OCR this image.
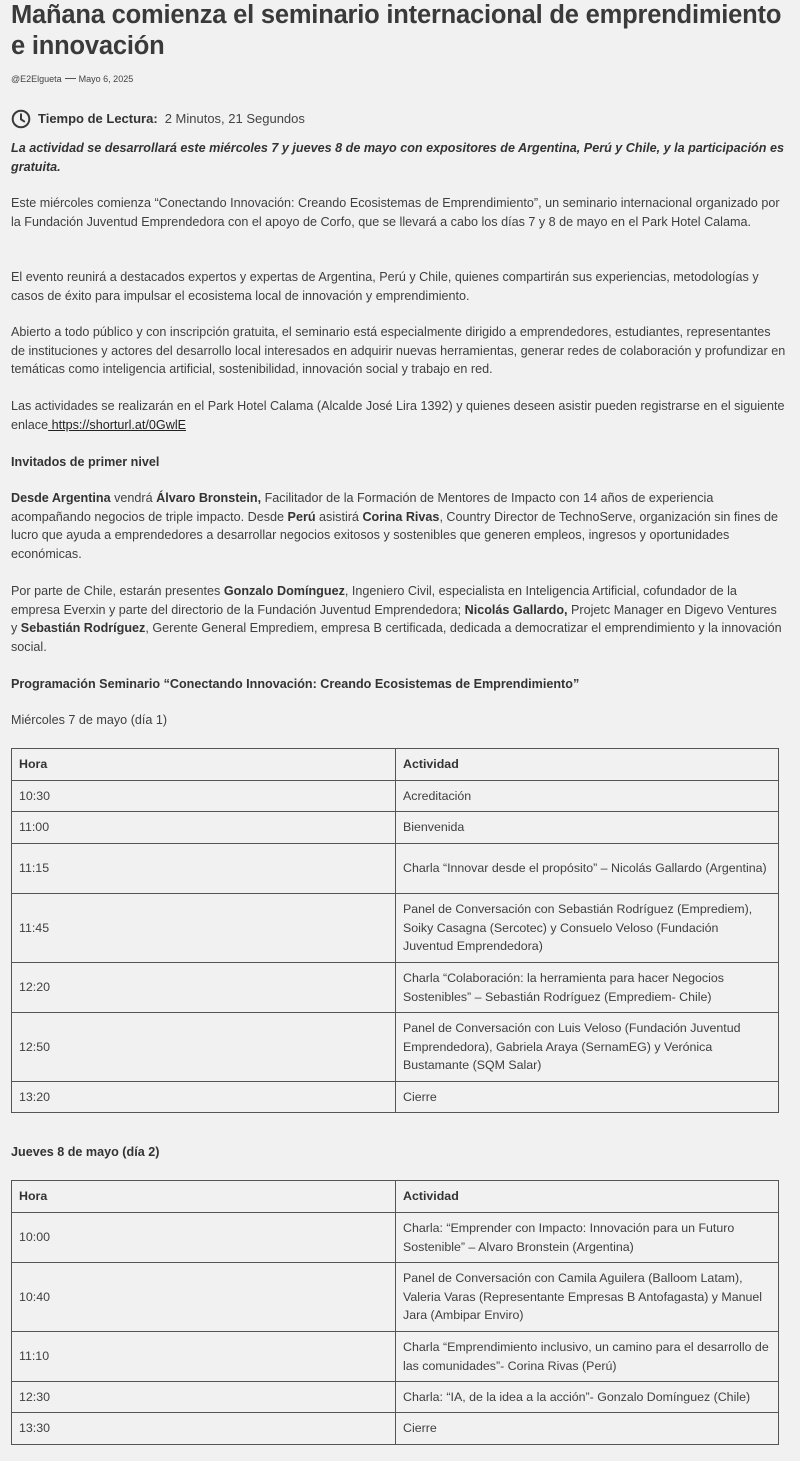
Mañana comienza el seminario internacional de emprendimiento e innovación
@E2Elgueta Mayo 6, 2025
Tiempo de Lectura: 2 Minutos, 21 Segundos

La actividad se desarrollará este miércoles 7 y jueves 8 de mayo con expositores de Argentina, Perú y Chile, y la participación es gratuita.

Este miércoles comienza “Conectando Innovación: Creando Ecosistemas de Emprendimiento”, un seminario internacional organizado por la Fundación Juventud Emprendedora con el apoyo de Corfo, que se llevará a cabo los días 7 y 8 de mayo en el Park Hotel Calama.

El evento reunirá a destacados expertos y expertas de Argentina, Perú y Chile, quienes compartirán sus experiencias, metodologías y casos de éxito para impulsar el ecosistema local de innovación y emprendimiento.

Abierto a todo público y con inscripción gratuita, el seminario está especialmente dirigido a emprendedores, estudiantes, representantes de instituciones y actores del desarrollo local interesados en adquirir nuevas herramientas, generar redes de colaboración y profundizar en temáticas como inteligencia artificial, sostenibilidad, innovación social y trabajo en red.

Las actividades se realizarán en el Park Hotel Calama (Alcalde José Lira 1392) y quienes deseen asistir pueden registrarse en el siguiente enlace https://shorturl.at/0GwlE

Invitados de primer nivel

Desde Argentina vendrá Álvaro Bronstein, Facilitador de la Formación de Mentores de Impacto con 14 años de experiencia acompañando negocios de triple impacto. Desde Perú asistirá Corina Rivas, Country Director de TechnoServe, organización sin fines de lucro que ayuda a emprendedores a desarrollar negocios exitosos y sostenibles que generen empleos, ingresos y oportunidades económicas.

Por parte de Chile, estarán presentes Gonzalo Domínguez, Ingeniero Civil, especialista en Inteligencia Artificial, cofundador de la empresa Everxin y parte del directorio de la Fundación Juventud Emprendedora; Nicolás Gallardo, Projetc Manager en Digevo Ventures y Sebastián Rodríguez, Gerente General Emprediem, empresa B certificada, dedicada a democratizar el emprendimiento y la innovación social.

Programación Seminario “Conectando Innovación: Creando Ecosistemas de Emprendimiento”

Miércoles 7 de mayo (día 1)

Hora	Actividad
10:30	Acreditación
11:00	Bienvenida
11:15	Charla “Innovar desde el propósito” – Nicolás Gallardo (Argentina)
11:45	Panel de Conversación con Sebastián Rodríguez (Emprediem), Soiky Casagna (Sercotec) y Consuelo Veloso (Fundación Juventud Emprendedora)
12:20	Charla “Colaboración: la herramienta para hacer Negocios Sostenibles” – Sebastián Rodríguez (Emprediem- Chile)
12:50	Panel de Conversación con Luis Veloso (Fundación Juventud Emprendedora), Gabriela Araya (SernamEG) y Verónica Bustamante (SQM Salar)
13:20	Cierre

Jueves 8 de mayo (día 2)

Hora	Actividad
10:00	Charla: “Emprender con Impacto: Innovación para un Futuro Sostenible” – Alvaro Bronstein (Argentina)
10:40	Panel de Conversación con Camila Aguilera (Balloom Latam), Valeria Varas (Representante Empresas B Antofagasta) y Manuel Jara (Ambipar Enviro)
11:10	Charla “Emprendimiento inclusivo, un camino para el desarrollo de las comunidades”- Corina Rivas (Perú)
12:30	Charla: “IA, de la idea a la acción”- Gonzalo Domínguez (Chile)
13:30	Cierre
